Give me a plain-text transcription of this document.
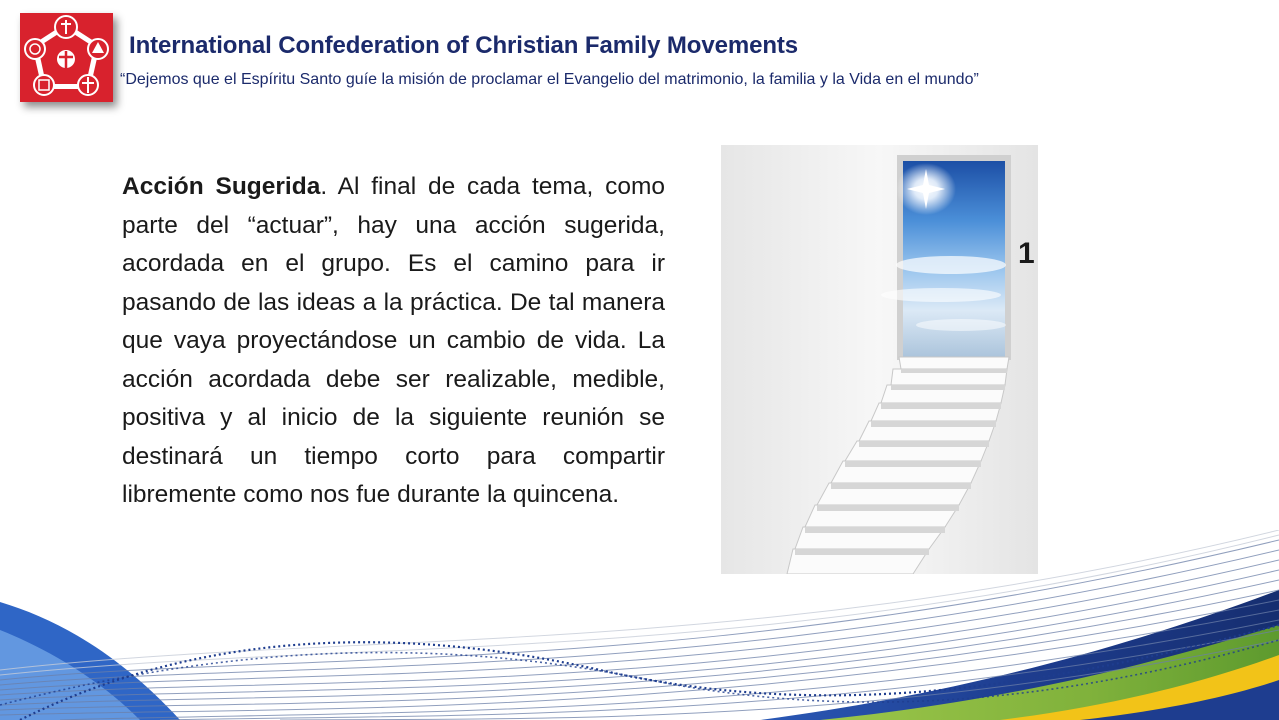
International Confederation of Christian Family Movements
“Dejemos que el Espíritu Santo guíe la misión de proclamar el Evangelio del matrimonio, la familia y la Vida en el mundo”
Acción Sugerida. Al final de cada tema, como parte del “actuar”, hay una acción sugerida, acordada en el grupo. Es el camino para ir pasando de las ideas a la práctica. De tal manera que vaya proyectándose un cambio de vida. La acción acordada debe ser realizable, medible, positiva y al inicio de la siguiente reunión se destinará un tiempo corto para compartir libremente como nos fue durante la quincena.
1
